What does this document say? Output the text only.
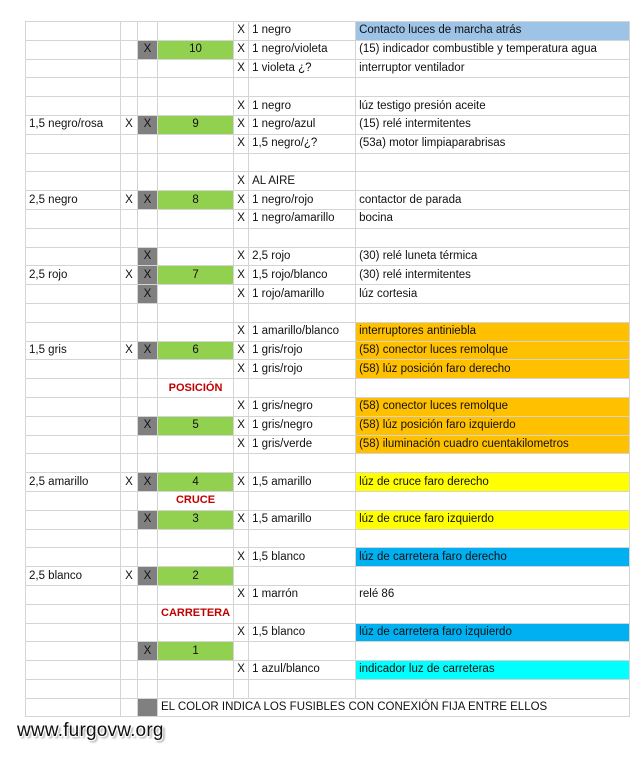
				X	1 negro	Contacto luces de marcha atrás
		X	10	X	1 negro/violeta	(15) indicador combustible y temperatura agua
				X	1 violeta ¿?	interruptor ventilador

				X	1 negro	lúz testigo presión aceite
1,5 negro/rosa	X	X	9	X	1 negro/azul	(15) relé intermitentes
				X	1,5 negro/¿?	(53a) motor limpiaparabrisas

				X	AL AIRE	
2,5 negro	X	X	8	X	1 negro/rojo	contactor de parada
				X	1 negro/amarillo	bocina

		X		X	2,5 rojo	(30) relé luneta térmica
2,5 rojo	X	X	7	X	1,5 rojo/blanco	(30) relé intermitentes
		X		X	1 rojo/amarillo	lúz cortesia

				X	1 amarillo/blanco	interruptores antiniebla
1,5 gris	X	X	6	X	1 gris/rojo	(58) conector luces remolque
				X	1 gris/rojo	(58) lúz posición faro derecho
			POSICIÓN			
				X	1 gris/negro	(58) conector luces remolque
		X	5	X	1 gris/negro	(58) lúz posición faro izquierdo
				X	1 gris/verde	(58) iluminación cuadro cuentakilometros

2,5 amarillo	X	X	4	X	1,5 amarillo	lúz de cruce faro derecho
			CRUCE			
		X	3	X	1,5 amarillo	lúz de cruce faro izquierdo

				X	1,5 blanco	lúz de carretera faro derecho
2,5 blanco	X	X	2			
				X	1 marrón	relé 86
			CARRETERA			
				X	1,5 blanco	lúz de carretera faro izquierdo
		X	1			
				X	1 azul/blanco	indicador luz de carreteras

			EL COLOR INDICA LOS FUSIBLES CON CONEXIÓN FIJA ENTRE ELLOS			
www.furgovw.org
